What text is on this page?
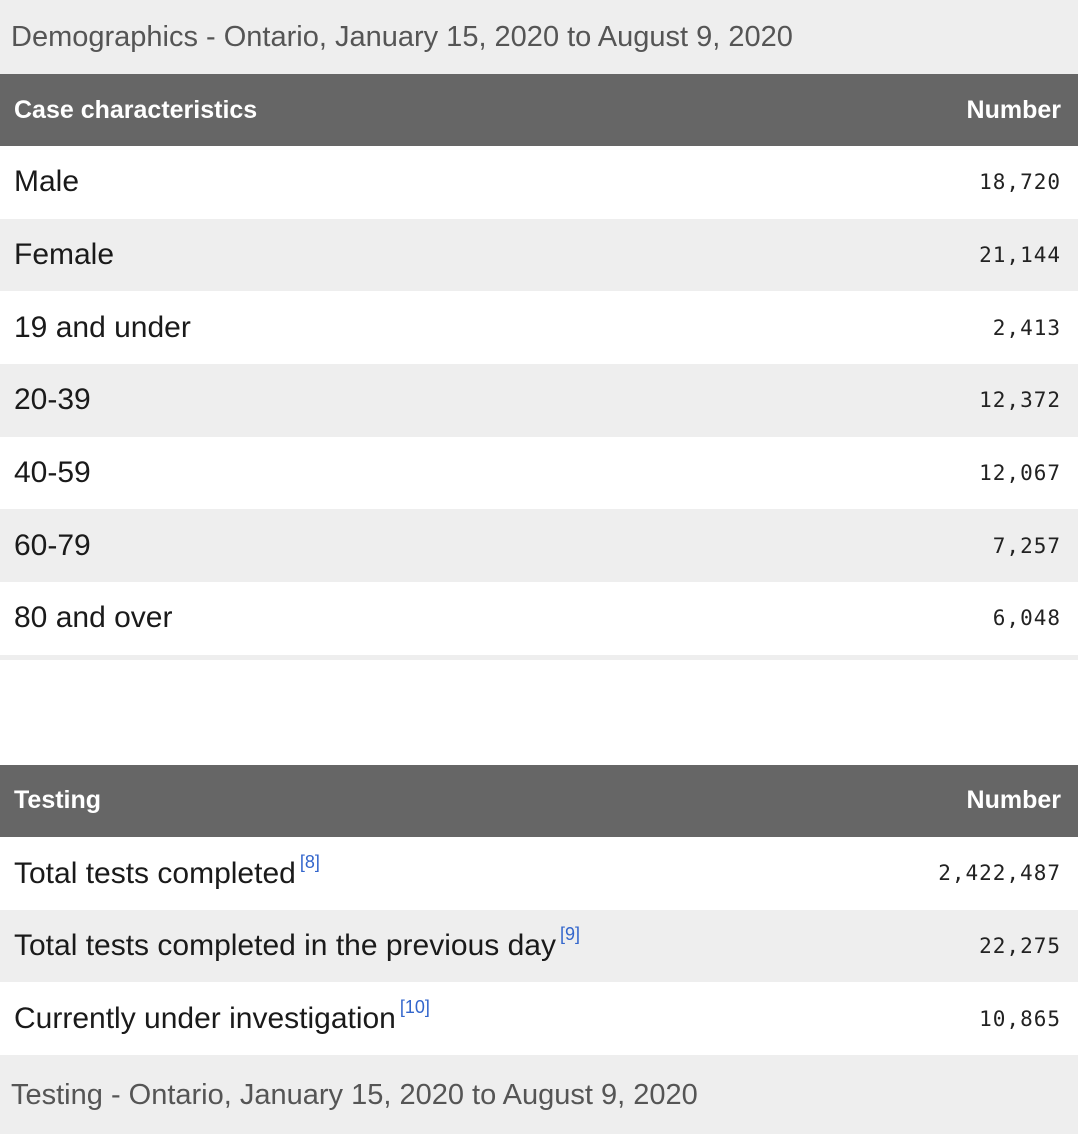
Demographics - Ontario, January 15, 2020 to August 9, 2020
Case characteristics	Number
Male	18,720
Female	21,144
19 and under	2,413
20-39	12,372
40-59	12,067
60-79	7,257
80 and over	6,048
Testing	Number
Total tests completed [8]	2,422,487
Total tests completed in the previous day [9]	22,275
Currently under investigation [10]	10,865
Testing - Ontario, January 15, 2020 to August 9, 2020
